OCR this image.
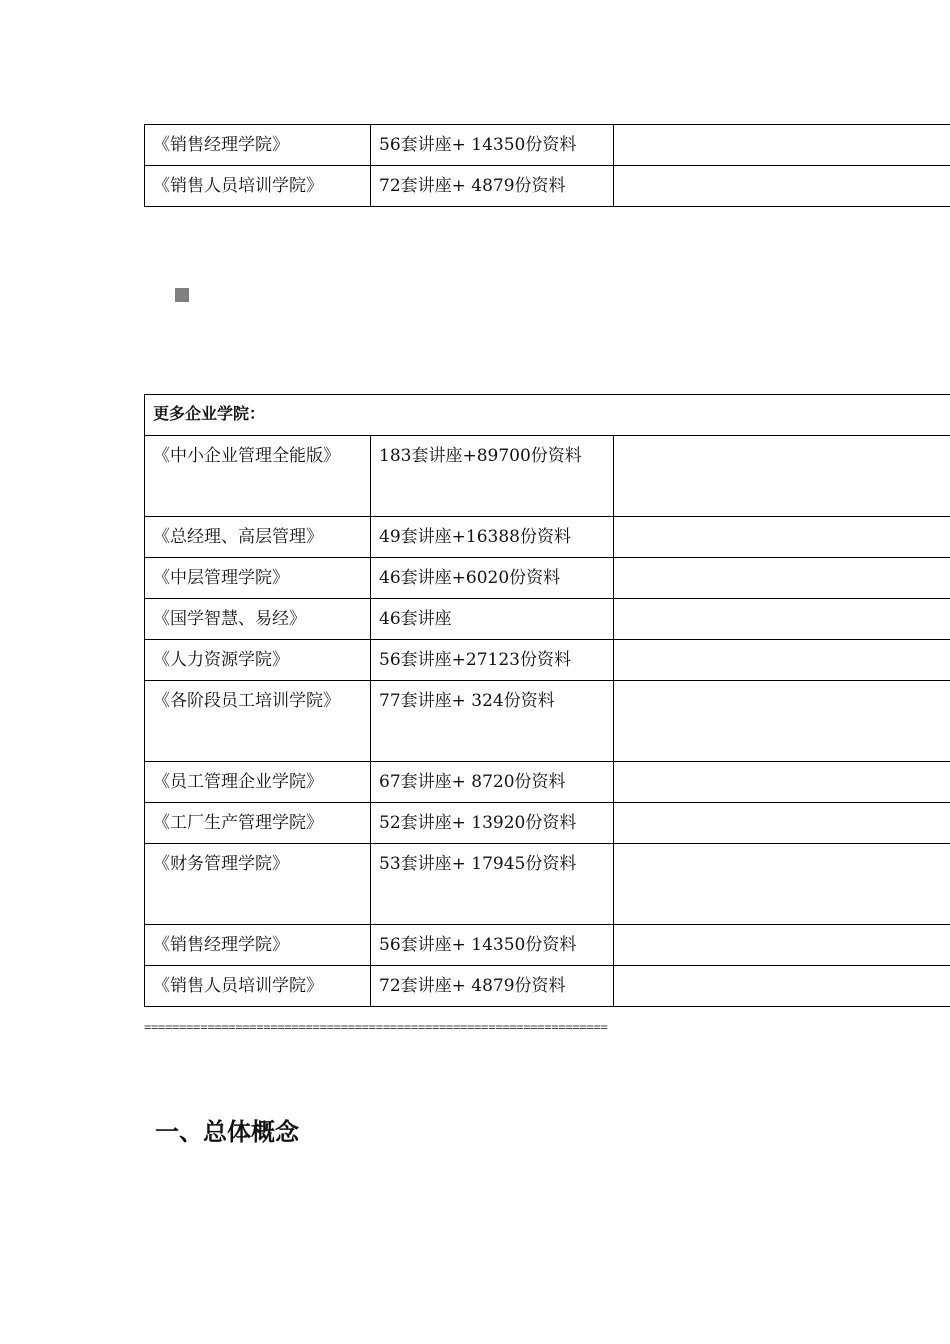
《销售经理学院》	56套讲座+ 14350份资料	
《销售人员培训学院》	72套讲座+ 4879份资料	
更多企业学院：		
《中小企业管理全能版》	183套讲座+89700份资料	
《总经理、高层管理》	49套讲座+16388份资料	
《中层管理学院》	46套讲座+6020份资料	
《国学智慧、易经》	46套讲座	
《人力资源学院》	56套讲座+27123份资料	
《各阶段员工培训学院》	77套讲座+ 324份资料	
《员工管理企业学院》	67套讲座+ 8720份资料	
《工厂生产管理学院》	52套讲座+ 13920份资料	
《财务管理学院》	53套讲座+ 17945份资料	
《销售经理学院》	56套讲座+ 14350份资料	
《销售人员培训学院》	72套讲座+ 4879份资料	
==================================================================
一、总体概念
